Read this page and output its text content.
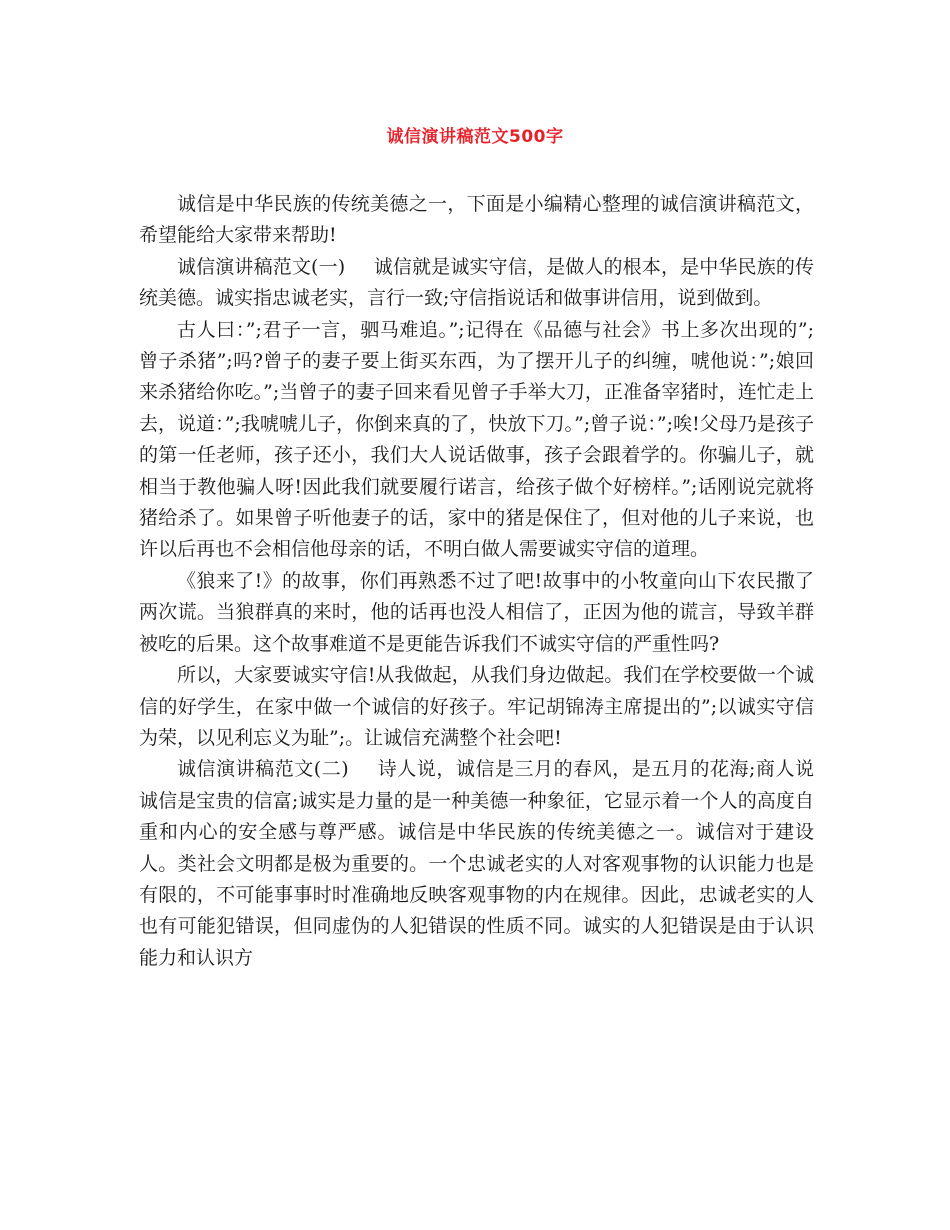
诚信演讲稿范文500字

诚信是中华民族的传统美德之一，下面是小编精心整理的诚信演讲稿范文，希望能给大家带来帮助!

诚信演讲稿范文(一) 诚信就是诚实守信，是做人的根本，是中华民族的传统美德。诚实指忠诚老实，言行一致;守信指说话和做事讲信用，说到做到。

古人曰：”;君子一言，驷马难追。”;记得在《品德与社会》书上多次出现的”;曾子杀猪”;吗?曾子的妻子要上街买东西，为了摆开儿子的纠缠，唬他说：”;娘回来杀猪给你吃。”;当曾子的妻子回来看见曾子手举大刀，正准备宰猪时，连忙走上去，说道：”;我唬唬儿子，你倒来真的了，快放下刀。”;曾子说：”;唉!父母乃是孩子的第一任老师，孩子还小，我们大人说话做事，孩子会跟着学的。你骗儿子，就相当于教他骗人呀!因此我们就要履行诺言，给孩子做个好榜样。”;话刚说完就将猪给杀了。如果曾子听他妻子的话，家中的猪是保住了，但对他的儿子来说，也许以后再也不会相信他母亲的话，不明白做人需要诚实守信的道理。

《狼来了!》的故事，你们再熟悉不过了吧!故事中的小牧童向山下农民撒了两次谎。当狼群真的来时，他的话再也没人相信了，正因为他的谎言，导致羊群被吃的后果。这个故事难道不是更能告诉我们不诚实守信的严重性吗?

所以，大家要诚实守信!从我做起，从我们身边做起。我们在学校要做一个诚信的好学生，在家中做一个诚信的好孩子。牢记胡锦涛主席提出的”;以诚实守信为荣，以见利忘义为耻”;。让诚信充满整个社会吧!

诚信演讲稿范文(二) 诗人说，诚信是三月的春风，是五月的花海;商人说诚信是宝贵的信富;诚实是力量的是一种美德一种象征，它显示着一个人的高度自重和内心的安全感与尊严感。诚信是中华民族的传统美德之一。诚信对于建设人。类社会文明都是极为重要的。一个忠诚老实的人对客观事物的认识能力也是有限的，不可能事事时时准确地反映客观事物的内在规律。因此，忠诚老实的人也有可能犯错误，但同虚伪的人犯错误的性质不同。诚实的人犯错误是由于认识能力和认识方
